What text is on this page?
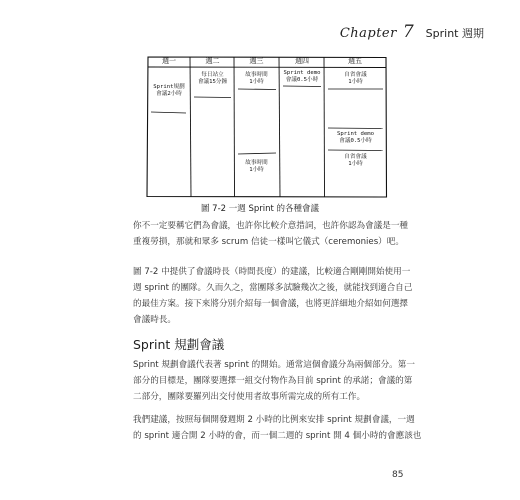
Chapter 7 Sprint 週期
週一	週二	週三	週四	週五
Sprint規劃
會議2小時
每日站立
會議15分鐘
故事時間
1小時
Sprint demo
會議0.5小時
自省會議
1小時
Sprint demo
會議0.5小時
自省會議
1小時
故事時間
1小時
圖 7-2 一週 Sprint 的各種會議
你不一定要稱它們為會議，也許你比較介意措詞，也許你認為會議是一種
重複勞損，那就和眾多 scrum 信徒一樣叫它儀式（ceremonies）吧。
圖 7-2 中提供了會議時長（時間長度）的建議，比較適合剛剛開始使用一
週 sprint 的團隊。久而久之，當團隊多試驗幾次之後，就能找到適合自己
的最佳方案。接下來將分別介紹每一個會議，也將更詳細地介紹如何選擇
會議時長。
Sprint 規劃會議
Sprint 規劃會議代表著 sprint 的開始。通常這個會議分為兩個部分。第一
部分的目標是，團隊要選擇一組交付物作為目前 sprint 的承諾；會議的第
二部分，團隊要羅列出交付使用者故事所需完成的所有工作。
我們建議，按照每個開發週期 2 小時的比例來安排 sprint 規劃會議，一週
的 sprint 適合開 2 小時的會，而一個二週的 sprint 開 4 個小時的會應該也
85
